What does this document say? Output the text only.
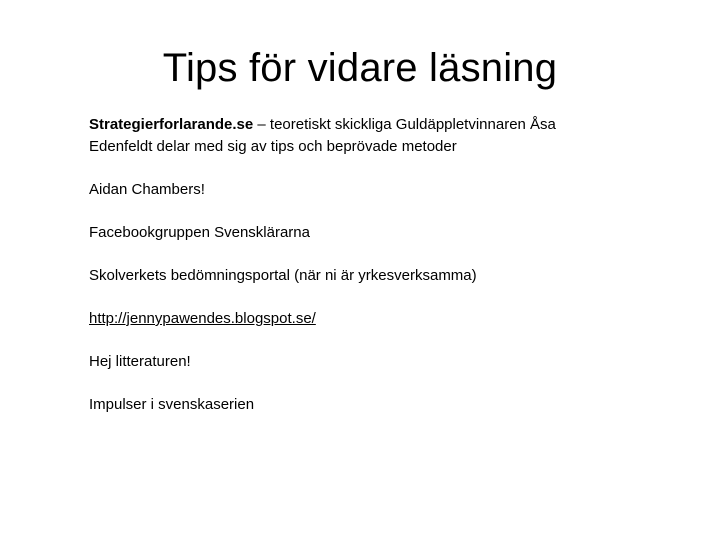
Tips för vidare läsning
Strategierforlarande.se – teoretiskt skickliga Guldäppletvinnaren Åsa
Edenfeldt delar med sig av tips och beprövade metoder
Aidan Chambers!
Facebookgruppen Svensklärarna
Skolverkets bedömningsportal (när ni är yrkesverksamma)
http://jennypawendes.blogspot.se/
Hej litteraturen!
Impulser i svenskaserien
